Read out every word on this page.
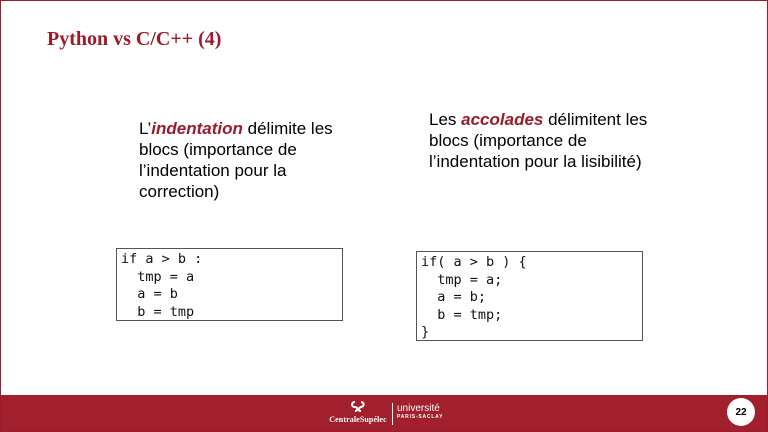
Python vs C/C++ (4)
L’indentation délimite les blocs (importance de l’indentation pour la correction)
Les accolades délimitent les blocs (importance de l’indentation pour la lisibilité)
if a > b :
tmp = a
a = b
b = tmp
if( a > b ) {
tmp = a;
a = b;
b = tmp;
}
CentraleSupélec
université
PARIS-SACLAY	22
